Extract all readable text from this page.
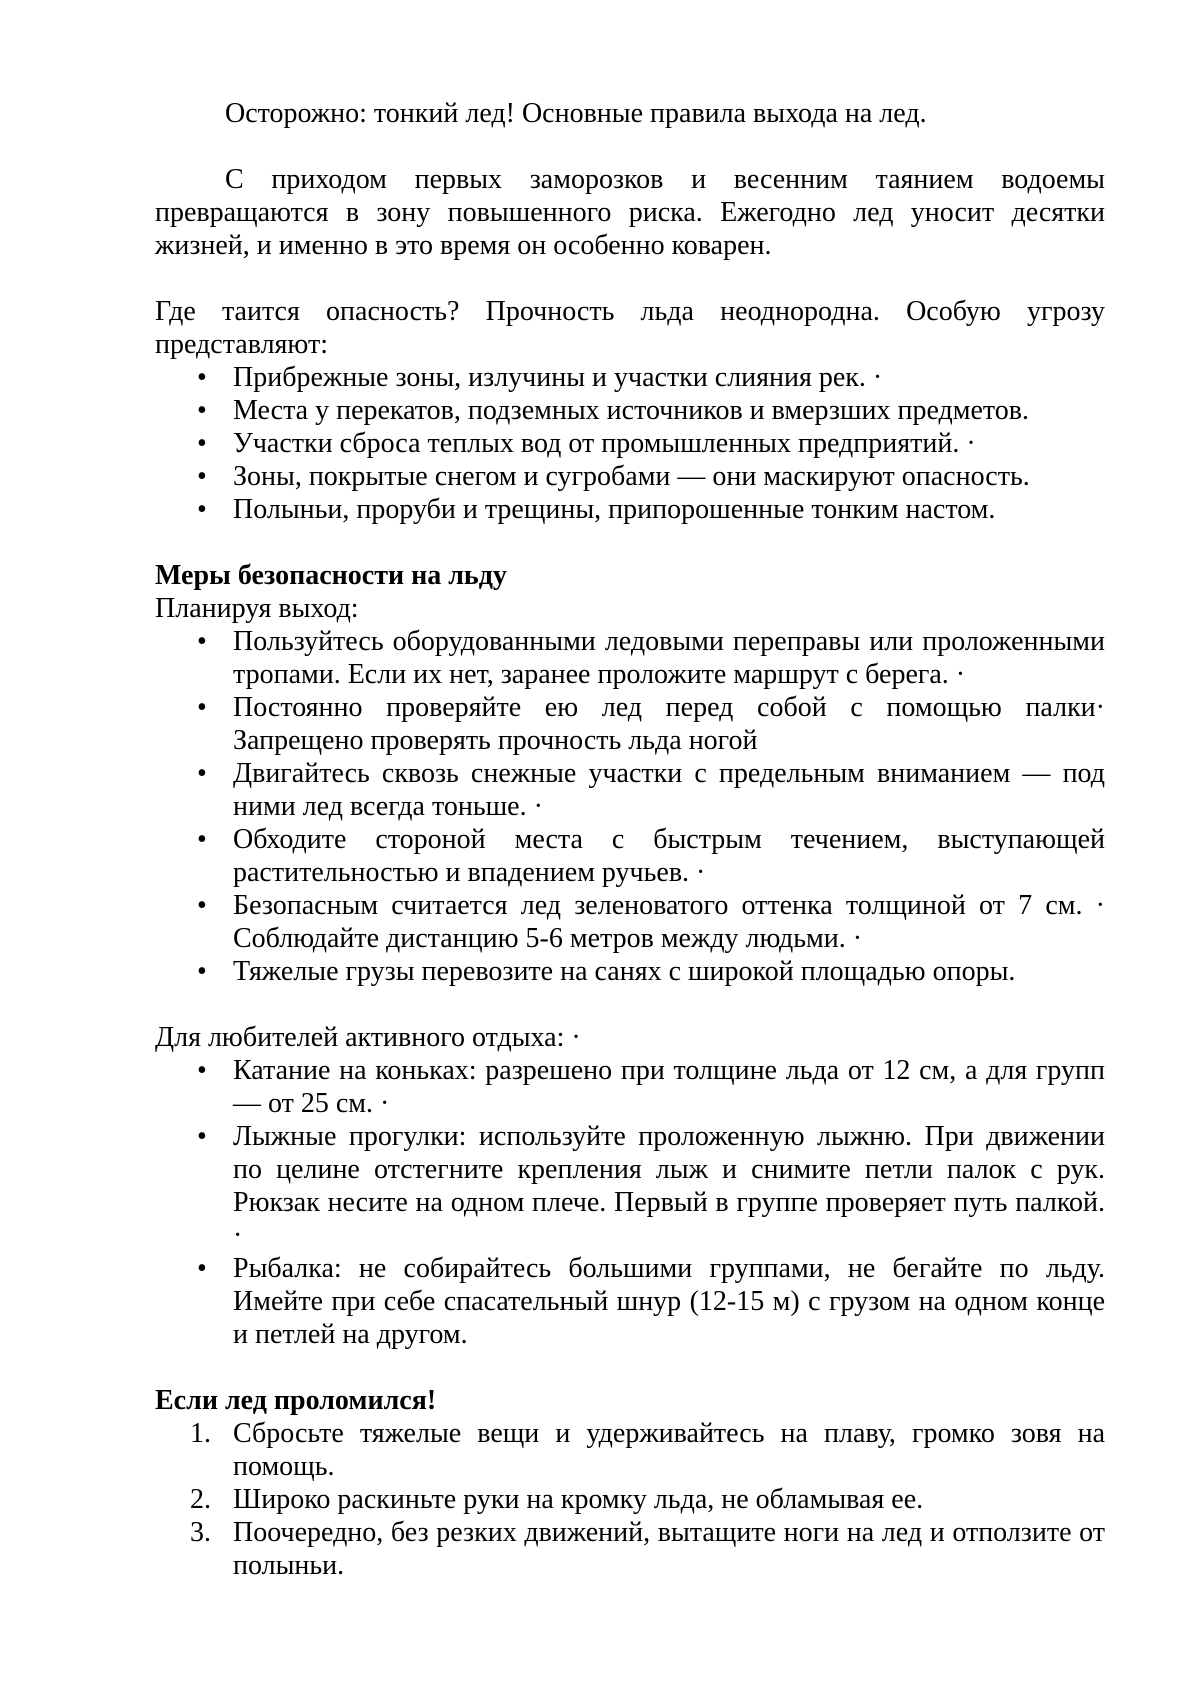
Осторожно: тонкий лед! Основные правила выхода на лед.

С приходом первых заморозков и весенним таянием водоемы превращаются в зону повышенного риска. Ежегодно лед уносит десятки жизней, и именно в это время он особенно коварен.

Где таится опасность? Прочность льда неоднородна. Особую угрозу представляют:

• Прибрежные зоны, излучины и участки слияния рек. ·
• Места у перекатов, подземных источников и вмерзших предметов.
• Участки сброса теплых вод от промышленных предприятий. ·
• Зоны, покрытые снегом и сугробами — они маскируют опасность.
• Полыньи, проруби и трещины, припорошенные тонким настом.

Меры безопасности на льду

Планируя выход:

• Пользуйтесь оборудованными ледовыми переправы или проложенными тропами. Если их нет, заранее проложите маршрут с берега. ·
• Постоянно проверяйте ею лед перед собой с помощью палки· Запрещено проверять прочность льда ногой
• Двигайтесь сквозь снежные участки с предельным вниманием — под ними лед всегда тоньше. ·
• Обходите стороной места с быстрым течением, выступающей растительностью и впадением ручьев. ·
• Безопасным считается лед зеленоватого оттенка толщиной от 7 см. · Соблюдайте дистанцию 5-6 метров между людьми. ·
• Тяжелые грузы перевозите на санях с широкой площадью опоры.

Для любителей активного отдыха: ·

• Катание на коньках: разрешено при толщине льда от 12 см, а для групп — от 25 см. ·
• Лыжные прогулки: используйте проложенную лыжню. При движении по целине отстегните крепления лыж и снимите петли палок с рук. Рюкзак несите на одном плече. Первый в группе проверяет путь палкой. ·
• Рыбалка: не собирайтесь большими группами, не бегайте по льду. Имейте при себе спасательный шнур (12-15 м) с грузом на одном конце и петлей на другом.

Если лед проломился!

1. Сбросьте тяжелые вещи и удерживайтесь на плаву, громко зовя на помощь.
2. Широко раскиньте руки на кромку льда, не обламывая ее.
3. Поочередно, без резких движений, вытащите ноги на лед и отползите от полыньи.
